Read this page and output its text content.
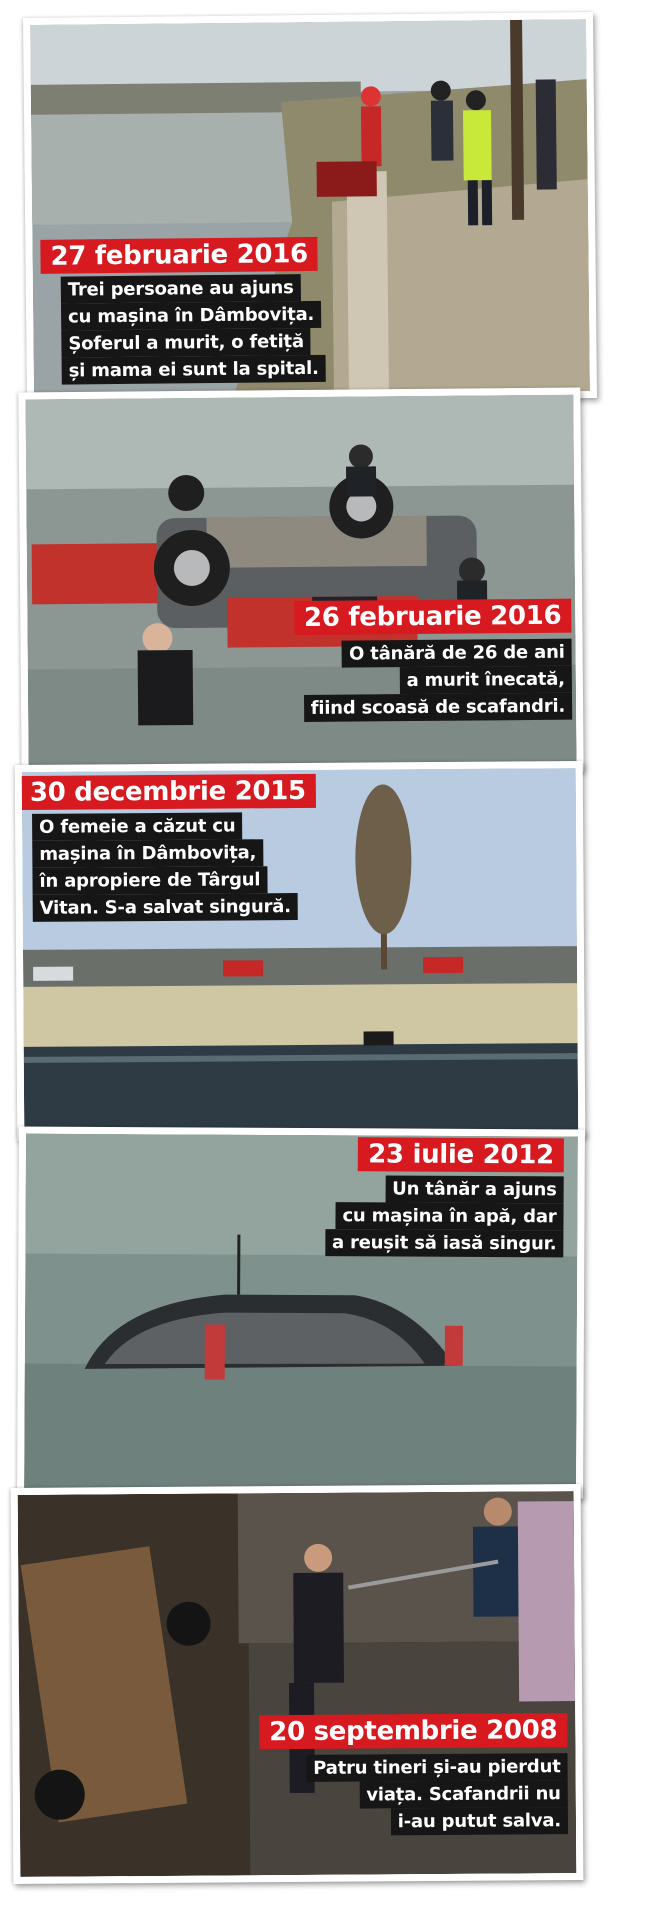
27 februarie 2016
Trei persoane au ajuns
cu mașina în Dâmbovița.
Șoferul a murit, o fetiță
și mama ei sunt la spital.
26 februarie 2016
O tânără de 26 de ani
a murit înecată,
fiind scoasă de scafandri.
30 decembrie 2015
O femeie a căzut cu
mașina în Dâmbovița,
în apropiere de Târgul
Vitan. S-a salvat singură.
23 iulie 2012
Un tânăr a ajuns
cu mașina în apă, dar
a reușit să iasă singur.
20 septembrie 2008
Patru tineri și-au pierdut
viața. Scafandrii nu
i-au putut salva.
